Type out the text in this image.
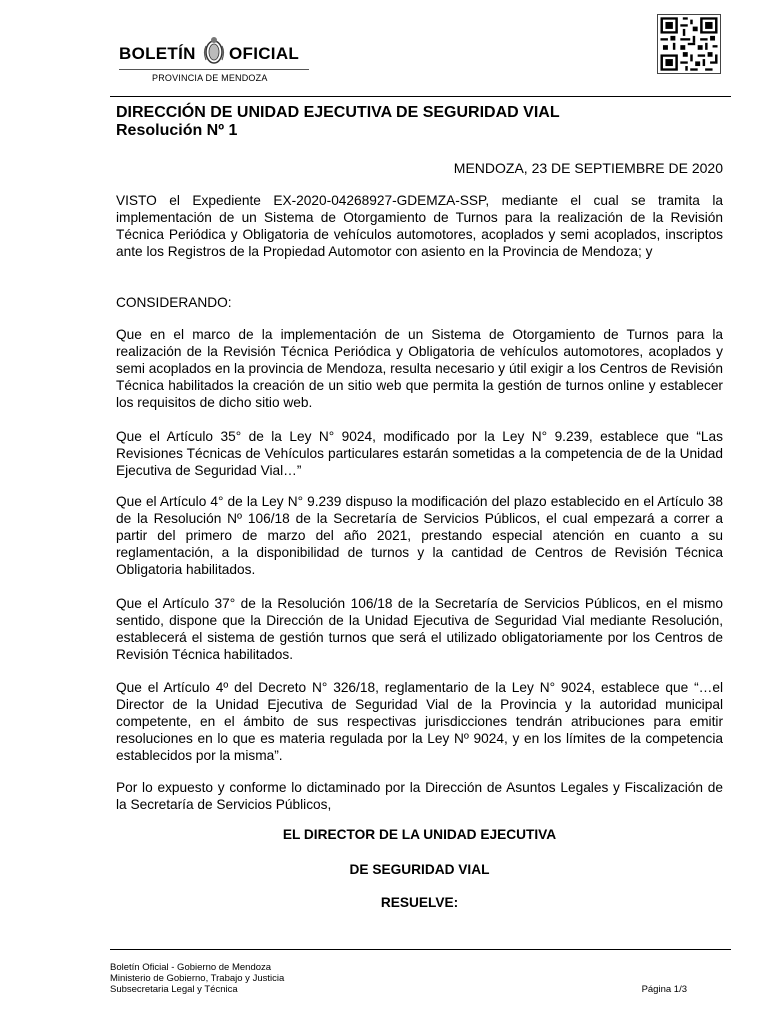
BOLETÍN OFICIAL
PROVINCIA DE MENDOZA
DIRECCIÓN DE UNIDAD EJECUTIVA DE SEGURIDAD VIAL
Resolución Nº 1
MENDOZA, 23 DE SEPTIEMBRE DE 2020
VISTO el Expediente EX-2020-04268927-GDEMZA-SSP, mediante el cual se tramita la implementación de un Sistema de Otorgamiento de Turnos para la realización de la Revisión Técnica Periódica y Obligatoria de vehículos automotores, acoplados y semi acoplados, inscriptos ante los Registros de la Propiedad Automotor con asiento en la Provincia de Mendoza; y
CONSIDERANDO:
Que en el marco de la implementación de un Sistema de Otorgamiento de Turnos para la realización de la Revisión Técnica Periódica y Obligatoria de vehículos automotores, acoplados y semi acoplados en la provincia de Mendoza, resulta necesario y útil exigir a los Centros de Revisión Técnica habilitados la creación de un sitio web que permita la gestión de turnos online y establecer los requisitos de dicho sitio web.
Que el Artículo 35° de la Ley N° 9024, modificado por la Ley N° 9.239, establece que “Las Revisiones Técnicas de Vehículos particulares estarán sometidas a la competencia de de la Unidad Ejecutiva de Seguridad Vial…”
Que el Artículo 4° de la Ley N° 9.239 dispuso la modificación del plazo establecido en el Artículo 38 de la Resolución Nº 106/18 de la Secretaría de Servicios Públicos, el cual empezará a correr a partir del primero de marzo del año 2021, prestando especial atención en cuanto a su reglamentación, a la disponibilidad de turnos y la cantidad de Centros de Revisión Técnica Obligatoria habilitados.
Que el Artículo 37° de la Resolución 106/18 de la Secretaría de Servicios Públicos, en el mismo sentido, dispone que la Dirección de la Unidad Ejecutiva de Seguridad Vial mediante Resolución, establecerá el sistema de gestión turnos que será el utilizado obligatoriamente por los Centros de Revisión Técnica habilitados.
Que el Artículo 4º del Decreto N° 326/18, reglamentario de la Ley N° 9024, establece que “…el Director de la Unidad Ejecutiva de Seguridad Vial de la Provincia y la autoridad municipal competente, en el ámbito de sus respectivas jurisdicciones tendrán atribuciones para emitir resoluciones en lo que es materia regulada por la Ley Nº 9024, y en los límites de la competencia establecidos por la misma”.
Por lo expuesto y conforme lo dictaminado por la Dirección de Asuntos Legales y Fiscalización de la Secretaría de Servicios Públicos,
EL DIRECTOR DE LA UNIDAD EJECUTIVA
DE SEGURIDAD VIAL
RESUELVE:
Boletín Oficial - Gobierno de Mendoza
Ministerio de Gobierno, Trabajo y Justicia
Subsecretaria Legal y Técnica	Página 1/3
